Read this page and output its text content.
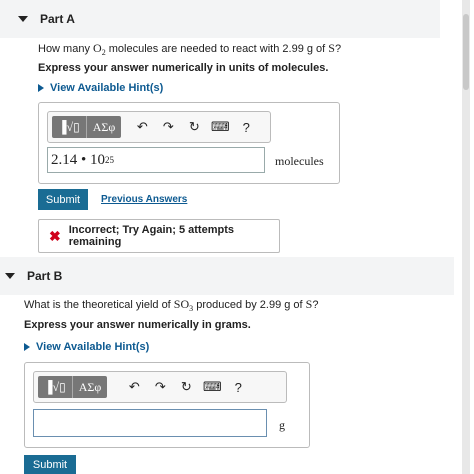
Part A
How many $O_2$ molecules are needed to react with 2.99 g of S?
Express your answer numerically in units of molecules.
View Available Hint(s)
▐√▯	ΑΣφ	↶	↷	↻ ⌨	?
2.14 • 10 25	molecules
Submit	Previous Answers
✖ Incorrect; Try Again; 5 attempts remaining
Part B
What is the theoretical yield of $SO_3$ produced by 2.99 g of S?
Express your answer numerically in grams.
View Available Hint(s)
▐√▯	ΑΣφ	↶	↷	↻ ⌨	?
g
Submit
